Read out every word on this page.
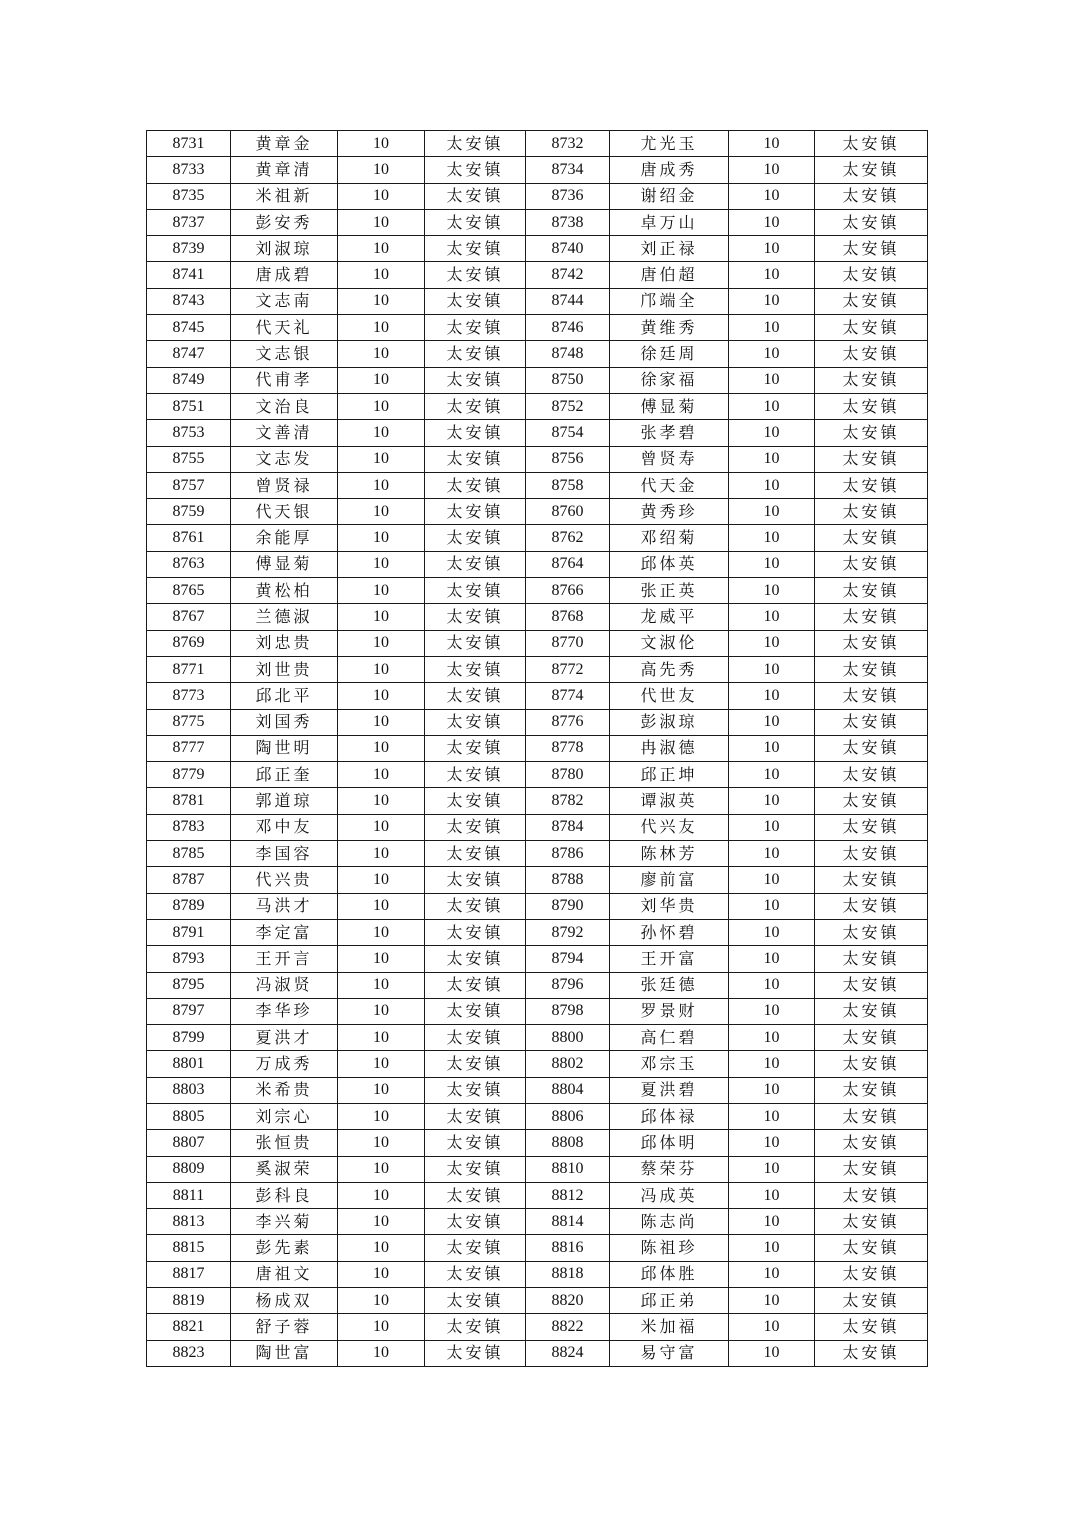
8731	黄章金	10	太安镇	8732	尤光玉	10	太安镇
8733	黄章清	10	太安镇	8734	唐成秀	10	太安镇
8735	米祖新	10	太安镇	8736	谢绍金	10	太安镇
8737	彭安秀	10	太安镇	8738	卓万山	10	太安镇
8739	刘淑琼	10	太安镇	8740	刘正禄	10	太安镇
8741	唐成碧	10	太安镇	8742	唐伯超	10	太安镇
8743	文志南	10	太安镇	8744	邝端全	10	太安镇
8745	代天礼	10	太安镇	8746	黄维秀	10	太安镇
8747	文志银	10	太安镇	8748	徐廷周	10	太安镇
8749	代甫孝	10	太安镇	8750	徐家福	10	太安镇
8751	文治良	10	太安镇	8752	傅显菊	10	太安镇
8753	文善清	10	太安镇	8754	张孝碧	10	太安镇
8755	文志发	10	太安镇	8756	曾贤寿	10	太安镇
8757	曾贤禄	10	太安镇	8758	代天金	10	太安镇
8759	代天银	10	太安镇	8760	黄秀珍	10	太安镇
8761	余能厚	10	太安镇	8762	邓绍菊	10	太安镇
8763	傅显菊	10	太安镇	8764	邱体英	10	太安镇
8765	黄松柏	10	太安镇	8766	张正英	10	太安镇
8767	兰德淑	10	太安镇	8768	龙威平	10	太安镇
8769	刘忠贵	10	太安镇	8770	文淑伦	10	太安镇
8771	刘世贵	10	太安镇	8772	高先秀	10	太安镇
8773	邱北平	10	太安镇	8774	代世友	10	太安镇
8775	刘国秀	10	太安镇	8776	彭淑琼	10	太安镇
8777	陶世明	10	太安镇	8778	冉淑德	10	太安镇
8779	邱正奎	10	太安镇	8780	邱正坤	10	太安镇
8781	郭道琼	10	太安镇	8782	谭淑英	10	太安镇
8783	邓中友	10	太安镇	8784	代兴友	10	太安镇
8785	李国容	10	太安镇	8786	陈林芳	10	太安镇
8787	代兴贵	10	太安镇	8788	廖前富	10	太安镇
8789	马洪才	10	太安镇	8790	刘华贵	10	太安镇
8791	李定富	10	太安镇	8792	孙怀碧	10	太安镇
8793	王开言	10	太安镇	8794	王开富	10	太安镇
8795	冯淑贤	10	太安镇	8796	张廷德	10	太安镇
8797	李华珍	10	太安镇	8798	罗景财	10	太安镇
8799	夏洪才	10	太安镇	8800	高仁碧	10	太安镇
8801	万成秀	10	太安镇	8802	邓宗玉	10	太安镇
8803	米希贵	10	太安镇	8804	夏洪碧	10	太安镇
8805	刘宗心	10	太安镇	8806	邱体禄	10	太安镇
8807	张恒贵	10	太安镇	8808	邱体明	10	太安镇
8809	奚淑荣	10	太安镇	8810	蔡荣芬	10	太安镇
8811	彭科良	10	太安镇	8812	冯成英	10	太安镇
8813	李兴菊	10	太安镇	8814	陈志尚	10	太安镇
8815	彭先素	10	太安镇	8816	陈祖珍	10	太安镇
8817	唐祖文	10	太安镇	8818	邱体胜	10	太安镇
8819	杨成双	10	太安镇	8820	邱正弟	10	太安镇
8821	舒子蓉	10	太安镇	8822	米加福	10	太安镇
8823	陶世富	10	太安镇	8824	易守富	10	太安镇
